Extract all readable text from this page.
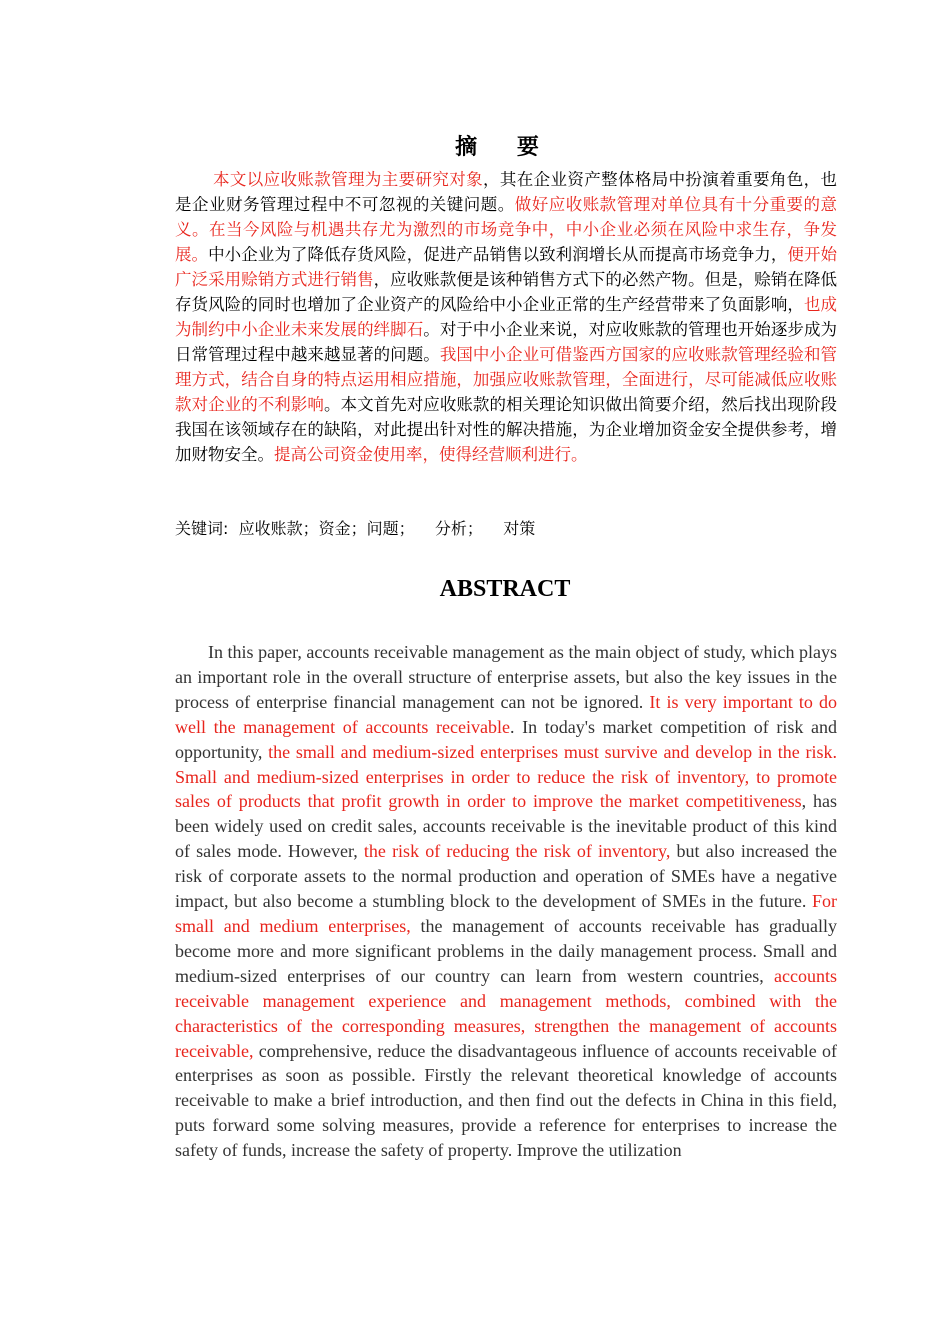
摘 要

本文以应收账款管理为主要研究对象，其在企业资产整体格局中扮演着重要角色，也是企业财务管理过程中不可忽视的关键问题。做好应收账款管理对单位具有十分重要的意义。在当今风险与机遇共存尤为激烈的市场竞争中，中小企业必须在风险中求生存，争发展。中小企业为了降低存货风险，促进产品销售以致利润增长从而提高市场竞争力，便开始广泛采用赊销方式进行销售，应收账款便是该种销售方式下的必然产物。但是，赊销在降低存货风险的同时也增加了企业资产的风险给中小企业正常的生产经营带来了负面影响，也成为制约中小企业未来发展的绊脚石。对于中小企业来说，对应收账款的管理也开始逐步成为日常管理过程中越来越显著的问题。我国中小企业可借鉴西方国家的应收账款管理经验和管理方式，结合自身的特点运用相应措施，加强应收账款管理，全面进行，尽可能减低应收账款对企业的不利影响。本文首先对应收账款的相关理论知识做出简要介绍，然后找出现阶段我国在该领域存在的缺陷，对此提出针对性的解决措施，为企业增加资金安全提供参考，增加财物安全。提高公司资金使用率，使得经营顺利进行。

关键词:  应收账款；资金；问题；    分析；    对策

ABSTRACT

In this paper, accounts receivable management as the main object of study, which plays an important role in the overall structure of enterprise assets, but also the key issues in the process of enterprise financial management can not be ignored. It is very important to do well the management of accounts receivable. In today's market competition of risk and opportunity, the small and medium-sized enterprises must survive and develop in the risk. Small and medium-sized enterprises in order to reduce the risk of inventory, to promote sales of products that profit growth in order to improve the market competitiveness, has been widely used on credit sales, accounts receivable is the inevitable product of this kind of sales mode. However, the risk of reducing the risk of inventory, but also increased the risk of corporate assets to the normal production and operation of SMEs have a negative impact, but also become a stumbling block to the development of SMEs in the future. For small and medium enterprises, the management of accounts receivable has gradually become more and more significant problems in the daily management process. Small and medium-sized enterprises of our country can learn from western countries, accounts receivable management experience and management methods, combined with the characteristics of the corresponding measures, strengthen the management of accounts receivable, comprehensive, reduce the disadvantageous influence of accounts receivable of enterprises as soon as possible. Firstly the relevant theoretical knowledge of accounts receivable to make a brief introduction, and then find out the defects in China in this field, puts forward some solving measures, provide a reference for enterprises to increase the safety of funds, increase the safety of property. Improve the utilization
